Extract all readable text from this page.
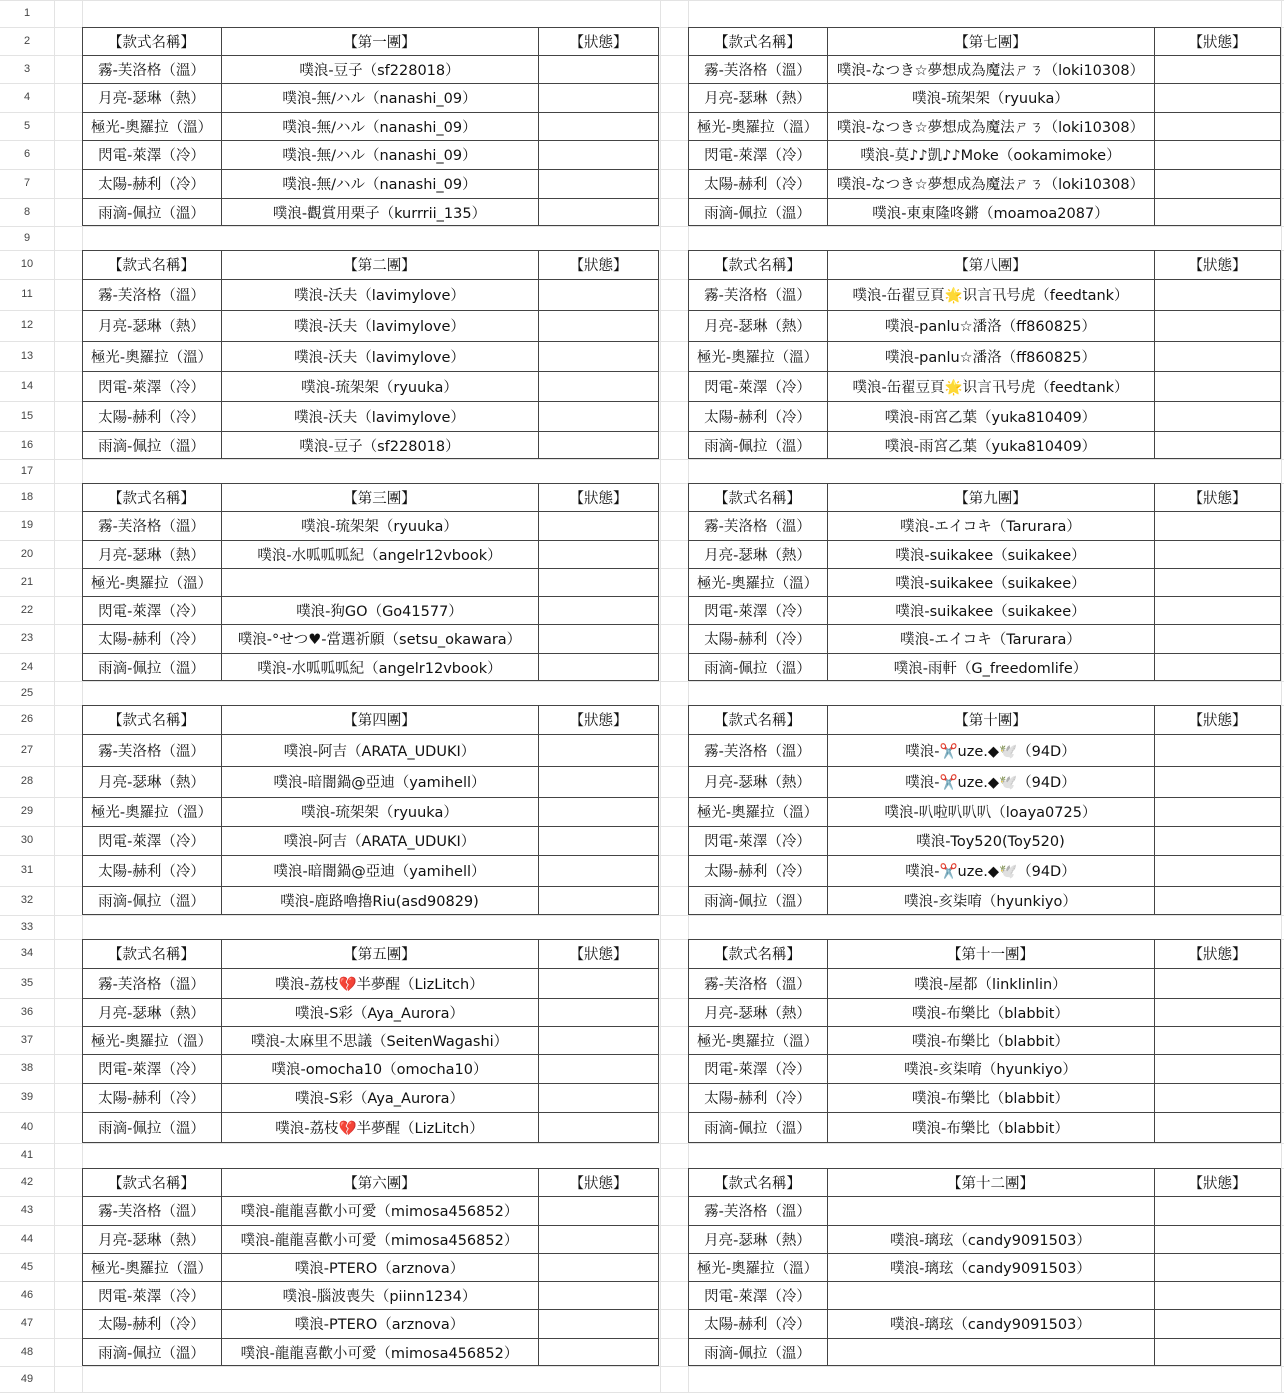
1
2
3
4
5
6
7
8
9
10
11
12
13
14
15
16
17
18
19
20
21
22
23
24
25
26
27
28
29
30
31
32
33
34
35
36
37
38
39
40
41
42
43
44
45
46
47
48
49
【款式名稱】	【第一團】	【狀態】
霧-芙洛格（溫）	噗浪-豆子（sf228018）
月亮-瑟琳（熱）	噗浪-無/ハル（nanashi_09）
極光-奧羅拉（溫）	噗浪-無/ハル（nanashi_09）
閃電-萊澤（冷）	噗浪-無/ハル（nanashi_09）
太陽-赫利（冷）	噗浪-無/ハル（nanashi_09）
雨滴-佩拉（溫）	噗浪-觀賞用栗子（kurrrii_135）
【款式名稱】	【第七團】	【狀態】
霧-芙洛格（溫）	噗浪-なつき☆夢想成為魔法ㄕㄋ（loki10308）
月亮-瑟琳（熱）	噗浪-琉架架（ryuuka）
極光-奧羅拉（溫）	噗浪-なつき☆夢想成為魔法ㄕㄋ（loki10308）
閃電-萊澤（冷）	噗浪-莫♪♪凱♪♪Moke（ookamimoke）
太陽-赫利（冷）	噗浪-なつき☆夢想成為魔法ㄕㄋ（loki10308）
雨滴-佩拉（溫）	噗浪-東東隆咚鏘（moamoa2087）
【款式名稱】	【第二團】	【狀態】
霧-芙洛格（溫）	噗浪-沃夫（lavimylove）
月亮-瑟琳（熱）	噗浪-沃夫（lavimylove）
極光-奧羅拉（溫）	噗浪-沃夫（lavimylove）
閃電-萊澤（冷）	噗浪-琉架架（ryuuka）
太陽-赫利（冷）	噗浪-沃夫（lavimylove）
雨滴-佩拉（溫）	噗浪-豆子（sf228018）
【款式名稱】	【第八團】	【狀態】
霧-芙洛格（溫）	噗浪-缶翟豆頁🌟识言卂号虎（feedtank）
月亮-瑟琳（熱）	噗浪-panlu☆潘洛（ff860825）
極光-奧羅拉（溫）	噗浪-panlu☆潘洛（ff860825）
閃電-萊澤（冷）	噗浪-缶翟豆頁🌟识言卂号虎（feedtank）
太陽-赫利（冷）	噗浪-雨宮乙葉（yuka810409）
雨滴-佩拉（溫）	噗浪-雨宮乙葉（yuka810409）
【款式名稱】	【第三團】	【狀態】
霧-芙洛格（溫）	噗浪-琉架架（ryuuka）
月亮-瑟琳（熱）	噗浪-水呱呱呱紀（angelr12vbook）
極光-奧羅拉（溫）
閃電-萊澤（冷）	噗浪-狗GO（Go41577）
太陽-赫利（冷）	噗浪-°せつ♥-當選祈願（setsu_okawara）
雨滴-佩拉（溫）	噗浪-水呱呱呱紀（angelr12vbook）
【款式名稱】	【第九團】	【狀態】
霧-芙洛格（溫）	噗浪-エイコキ（Tarurara）
月亮-瑟琳（熱）	噗浪-suikakee（suikakee）
極光-奧羅拉（溫）	噗浪-suikakee（suikakee）
閃電-萊澤（冷）	噗浪-suikakee（suikakee）
太陽-赫利（冷）	噗浪-エイコキ（Tarurara）
雨滴-佩拉（溫）	噗浪-雨軒（G_freedomlife）
【款式名稱】	【第四團】	【狀態】
霧-芙洛格（溫）	噗浪-阿吉（ARATA_UDUKI）
月亮-瑟琳（熱）	噗浪-暗闇鍋@亞迪（yamihell）
極光-奧羅拉（溫）	噗浪-琉架架（ryuuka）
閃電-萊澤（冷）	噗浪-阿吉（ARATA_UDUKI）
太陽-赫利（冷）	噗浪-暗闇鍋@亞迪（yamihell）
雨滴-佩拉（溫）	噗浪-鹿路嚕擼Riu(asd90829)
【款式名稱】	【第十團】	【狀態】
霧-芙洛格（溫）	噗浪-✂️uze.◆🕊️（94D）
月亮-瑟琳（熱）	噗浪-✂️uze.◆🕊️（94D）
極光-奧羅拉（溫）	噗浪-叭啦叭叭叭（loaya0725）
閃電-萊澤（冷）	噗浪-Toy520(Toy520)
太陽-赫利（冷）	噗浪-✂️uze.◆🕊️（94D）
雨滴-佩拉（溫）	噗浪-亥柒唷（hyunkiyo）
【款式名稱】	【第五團】	【狀態】
霧-芙洛格（溫）	噗浪-荔枝💔半夢醒（LizLitch）
月亮-瑟琳（熱）	噗浪-S彩（Aya_Aurora）
極光-奧羅拉（溫）	噗浪-太麻里不思議（SeitenWagashi）
閃電-萊澤（冷）	噗浪-omocha10（omocha10）
太陽-赫利（冷）	噗浪-S彩（Aya_Aurora）
雨滴-佩拉（溫）	噗浪-荔枝💔半夢醒（LizLitch）
【款式名稱】	【第十一團】	【狀態】
霧-芙洛格（溫）	噗浪-屋都（linklinlin）
月亮-瑟琳（熱）	噗浪-布樂比（blabbit）
極光-奧羅拉（溫）	噗浪-布樂比（blabbit）
閃電-萊澤（冷）	噗浪-亥柒唷（hyunkiyo）
太陽-赫利（冷）	噗浪-布樂比（blabbit）
雨滴-佩拉（溫）	噗浪-布樂比（blabbit）
【款式名稱】	【第六團】	【狀態】
霧-芙洛格（溫）	噗浪-龍龍喜歡小可愛（mimosa456852）
月亮-瑟琳（熱）	噗浪-龍龍喜歡小可愛（mimosa456852）
極光-奧羅拉（溫）	噗浪-PTERO（arznova）
閃電-萊澤（冷）	噗浪-腦波喪失（piinn1234）
太陽-赫利（冷）	噗浪-PTERO（arznova）
雨滴-佩拉（溫）	噗浪-龍龍喜歡小可愛（mimosa456852）
【款式名稱】	【第十二團】	【狀態】
霧-芙洛格（溫）
月亮-瑟琳（熱）	噗浪-璃玹（candy9091503）
極光-奧羅拉（溫）	噗浪-璃玹（candy9091503）
閃電-萊澤（冷）
太陽-赫利（冷）	噗浪-璃玹（candy9091503）
雨滴-佩拉（溫）
